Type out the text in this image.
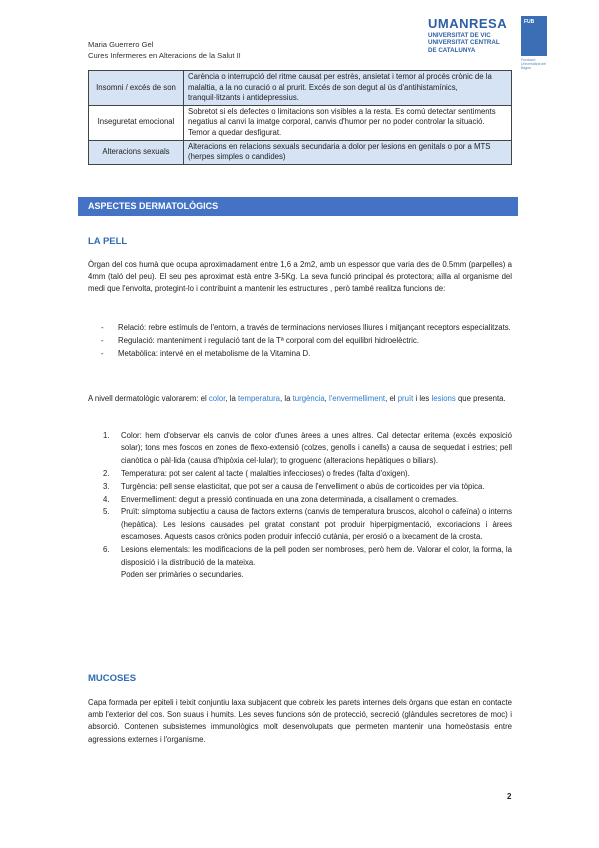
Maria Guerrero Gel
Cures Infermeres en Alteracions de la Salut II
UMANRESA
UNIVERSITAT DE VIC
UNIVERSITAT CENTRAL
DE CATALUNYA
FUB
Fundació Universitària del Bages
Insomni / excés de son	Carència o interrupció del ritme causat per estrès, ansietat i temor al procés crònic de la malaltia, a la no curació o al prurit. Excés de son degut al ús d'antihistamínics, tranquil·litzants i antidepressius.
Inseguretat emocional	Sobretot si els defectes o limitacions son visibles a la resta. Es comú detectar sentiments negatius al canvi la imatge corporal, canvis d'humor per no poder controlar la situació. Temor a quedar desfigurat.
Alteracions sexuals	Alteracions en relacions sexuals secundaria a dolor per lesions en genitals o por a MTS (herpes simples o candides)
ASPECTES DERMATOLÒGICS
LA PELL

Òrgan del cos humà que ocupa aproximadament entre 1,6 a 2m2, amb un espessor que varia des de 0.5mm (parpelles) a 4mm (taló del peu). El seu pes aproximat està entre 3-5Kg. La seva funció principal és protectora; aïlla al organisme del medi que l'envolta, protegint-lo i contribuint a mantenir les estructures , però també realitza funcions de:

- Relació: rebre estímuls de l'entorn, a través de terminacions nervioses lliures i mitjançant receptors especialitzats.
- Regulació: manteniment i regulació tant de la Tª corporal com del equilibri hidroelèctric.
- Metabòlica: intervé en el metabolisme de la Vitamina D.

A nivell dermatològic valorarem: el color, la temperatura, la turgència, l'envermelliment, el pruït i les lesions que presenta.

1. Color: hem d'observar els canvis de color d'unes àrees a unes altres. Cal detectar eritema (excés exposició solar); tons mes foscos en zones de flexo-extensió (colzes, genolls i canells) a causa de sequedat i estries; pell cianòtica o pàl·lida (causa d'hipòxia cel·lular); to groguenc (alteracions hepàtiques o biliars).
2. Temperatura: pot ser calent al tacte ( malalties infeccioses) o fredes (falta d'oxigen).
3. Turgència: pell sense elasticitat, que pot ser a causa de l'envelliment o abús de corticoides per via tòpica.
4. Envermelliment: degut a pressió continuada en una zona determinada, a cisallament o cremades.
5. Pruït: símptoma subjectiu a causa de factors externs (canvis de temperatura bruscos, alcohol o cafeïna) o interns (hepàtica). Les lesions causades pel gratat constant pot produir hiperpigmentació, excoriacions i àrees escamoses. Aquests casos crònics poden produir infecció cutània, per erosió o a ixecament de la crosta.
6. Lesions elementals: les modificacions de la pell poden ser nombroses, però hem de. Valorar el color, la forma, la disposició i la distribució de la mateixa.
Poden ser primàries o secundaries.
MUCOSES

Capa formada per epiteli i teixit conjuntiu laxa subjacent que cobreix les parets internes dels òrgans que estan en contacte amb l'exterior del cos. Son suaus i humits. Les seves funcions són de protecció, secreció (glàndules secretores de moc) i absorció. Contenen subsistemes immunològics molt desenvolupats que permeten mantenir una homeòstasis entre agressions externes i l'organisme.

2
